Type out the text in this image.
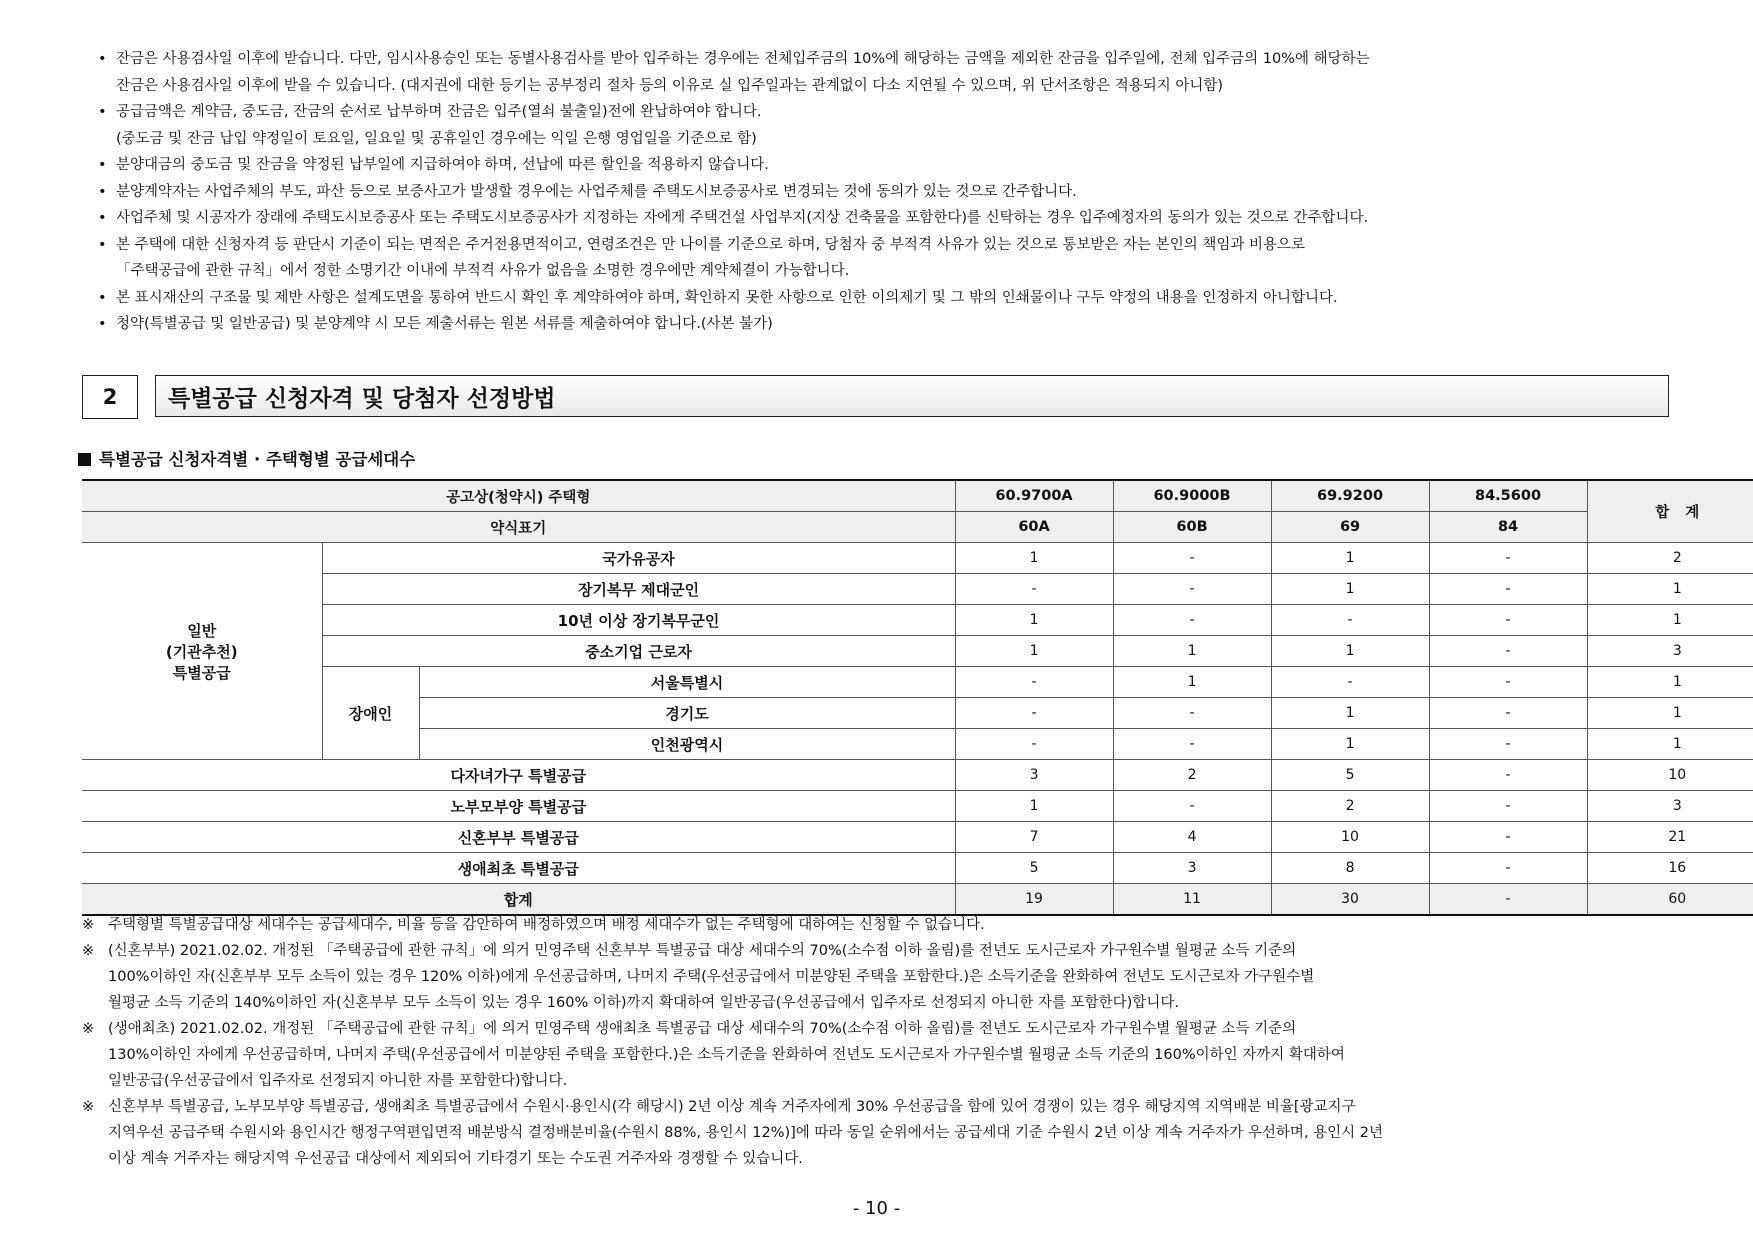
• 잔금은 사용검사일 이후에 받습니다. 다만, 임시사용승인 또는 동별사용검사를 받아 입주하는 경우에는 전체입주금의 10%에 해당하는 금액을 제외한 잔금을 입주일에, 전체 입주금의 10%에 해당하는
잔금은 사용검사일 이후에 받을 수 있습니다. (대지권에 대한 등기는 공부정리 절차 등의 이유로 실 입주일과는 관계없이 다소 지연될 수 있으며, 위 단서조항은 적용되지 아니함)
• 공급금액은 계약금, 중도금, 잔금의 순서로 납부하며 잔금은 입주(열쇠 불출일)전에 완납하여야 합니다.
(중도금 및 잔금 납입 약정일이 토요일, 일요일 및 공휴일인 경우에는 익일 은행 영업일을 기준으로 함)
• 분양대금의 중도금 및 잔금을 약정된 납부일에 지급하여야 하며, 선납에 따른 할인을 적용하지 않습니다.
• 분양계약자는 사업주체의 부도, 파산 등으로 보증사고가 발생할 경우에는 사업주체를 주택도시보증공사로 변경되는 것에 동의가 있는 것으로 간주합니다.
• 사업주체 및 시공자가 장래에 주택도시보증공사 또는 주택도시보증공사가 지정하는 자에게 주택건설 사업부지(지상 건축물을 포함한다)를 신탁하는 경우 입주예정자의 동의가 있는 것으로 간주합니다.
• 본 주택에 대한 신청자격 등 판단시 기준이 되는 면적은 주거전용면적이고, 연령조건은 만 나이를 기준으로 하며, 당첨자 중 부적격 사유가 있는 것으로 통보받은 자는 본인의 책임과 비용으로
「주택공급에 관한 규칙」에서 정한 소명기간 이내에 부적격 사유가 없음을 소명한 경우에만 계약체결이 가능합니다.
• 본 표시재산의 구조물 및 제반 사항은 설계도면을 통하여 반드시 확인 후 계약하여야 하며, 확인하지 못한 사항으로 인한 이의제기 및 그 밖의 인쇄물이나 구두 약정의 내용을 인정하지 아니합니다.
• 청약(특별공급 및 일반공급) 및 분양계약 시 모든 제출서류는 원본 서류를 제출하여야 합니다.(사본 불가)
2	특별공급 신청자격 및 당첨자 선정방법
특별공급 신청자격별 · 주택형별 공급세대수
공고상(청약시) 주택형			60.9700A	60.9000B	69.9200	84.5600	합계
약식표기			60A	60B	69	84	

일반
(기관추천)
특별공급	국가유공자		1	-	1	-	2
	장기복무 제대군인		-	-	1	-	1
	10년 이상 장기복무군인		1	-	-	-	1
	중소기업 근로자		1	1	1	-	3
	장애인	서울특별시	-	1	-	-	1
		경기도	-	-	1	-	1
		인천광역시	-	-	1	-	1
다자녀가구 특별공급			3	2	5	-	10
노부모부양 특별공급			1	-	2	-	3
신혼부부 특별공급			7	4	10	-	21
생애최초 특별공급			5	3	8	-	16
합계			19	11	30	-	60
※ 주택형별 특별공급대상 세대수는 공급세대수, 비율 등을 감안하여 배정하였으며 배정 세대수가 없는 주택형에 대하여는 신청할 수 없습니다.
※ (신혼부부) 2021.02.02. 개정된 「주택공급에 관한 규칙」에 의거 민영주택 신혼부부 특별공급 대상 세대수의 70%(소수점 이하 올림)를 전년도 도시근로자 가구원수별 월평균 소득 기준의
100%이하인 자(신혼부부 모두 소득이 있는 경우 120% 이하)에게 우선공급하며, 나머지 주택(우선공급에서 미분양된 주택을 포함한다.)은 소득기준을 완화하여 전년도 도시근로자 가구원수별
월평균 소득 기준의 140%이하인 자(신혼부부 모두 소득이 있는 경우 160% 이하)까지 확대하여 일반공급(우선공급에서 입주자로 선정되지 아니한 자를 포함한다)합니다.
※ (생애최초) 2021.02.02. 개정된 「주택공급에 관한 규칙」에 의거 민영주택 생애최초 특별공급 대상 세대수의 70%(소수점 이하 올림)를 전년도 도시근로자 가구원수별 월평균 소득 기준의
130%이하인 자에게 우선공급하며, 나머지 주택(우선공급에서 미분양된 주택을 포함한다.)은 소득기준을 완화하여 전년도 도시근로자 가구원수별 월평균 소득 기준의 160%이하인 자까지 확대하여
일반공급(우선공급에서 입주자로 선정되지 아니한 자를 포함한다)합니다.
※ 신혼부부 특별공급, 노부모부양 특별공급, 생애최초 특별공급에서 수원시·용인시(각 해당시) 2년 이상 계속 거주자에게 30% 우선공급을 함에 있어 경쟁이 있는 경우 해당지역 지역배분 비율[광교지구
지역우선 공급주택 수원시와 용인시간 행정구역편입면적 배분방식 결정배분비율(수원시 88%, 용인시 12%)]에 따라 동일 순위에서는 공급세대 기준 수원시 2년 이상 계속 거주자가 우선하며, 용인시 2년
이상 계속 거주자는 해당지역 우선공급 대상에서 제외되어 기타경기 또는 수도권 거주자와 경쟁할 수 있습니다.
- 10 -
